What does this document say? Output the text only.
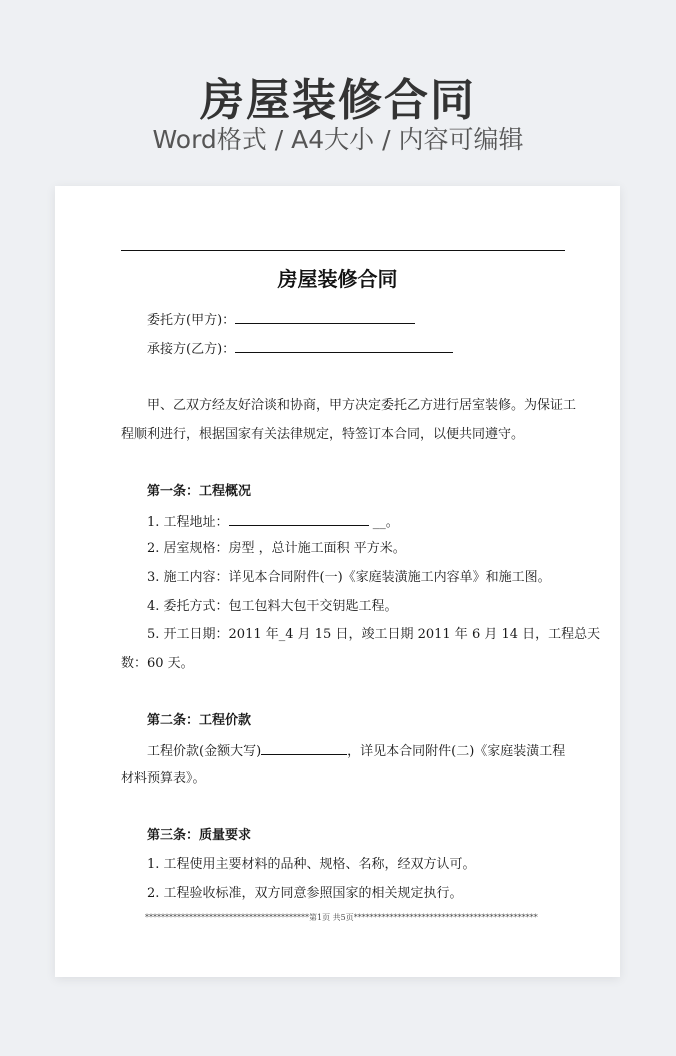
房屋装修合同

Word格式 / A4大小 / 内容可编辑

房屋装修合同
委托方(甲方)：
承接方(乙方)：
甲、乙双方经友好洽谈和协商，甲方决定委托乙方进行居室装修。为保证工
程顺利进行，根据国家有关法律规定，特签订本合同，以便共同遵守。
第一条：工程概况
1. 工程地址：	__。
2. 居室规格：房型 ，总计施工面积 平方米。
3. 施工内容：详见本合同附件(一)《家庭装潢施工内容单》和施工图。
4. 委托方式：包工包料大包干交钥匙工程。
5. 开工日期：2011 年_4 月 15 日，竣工日期 2011 年 6 月 14 日，工程总天
数：60 天。
第二条：工程价款
工程价款(金额大写)	，详见本合同附件(二)《家庭装潢工程
材料预算表》。
第三条：质量要求
1. 工程使用主要材料的品种、规格、名称，经双方认可。
2. 工程验收标准，双方同意参照国家的相关规定执行。
*****************************************第1页 共5页**********************************************
